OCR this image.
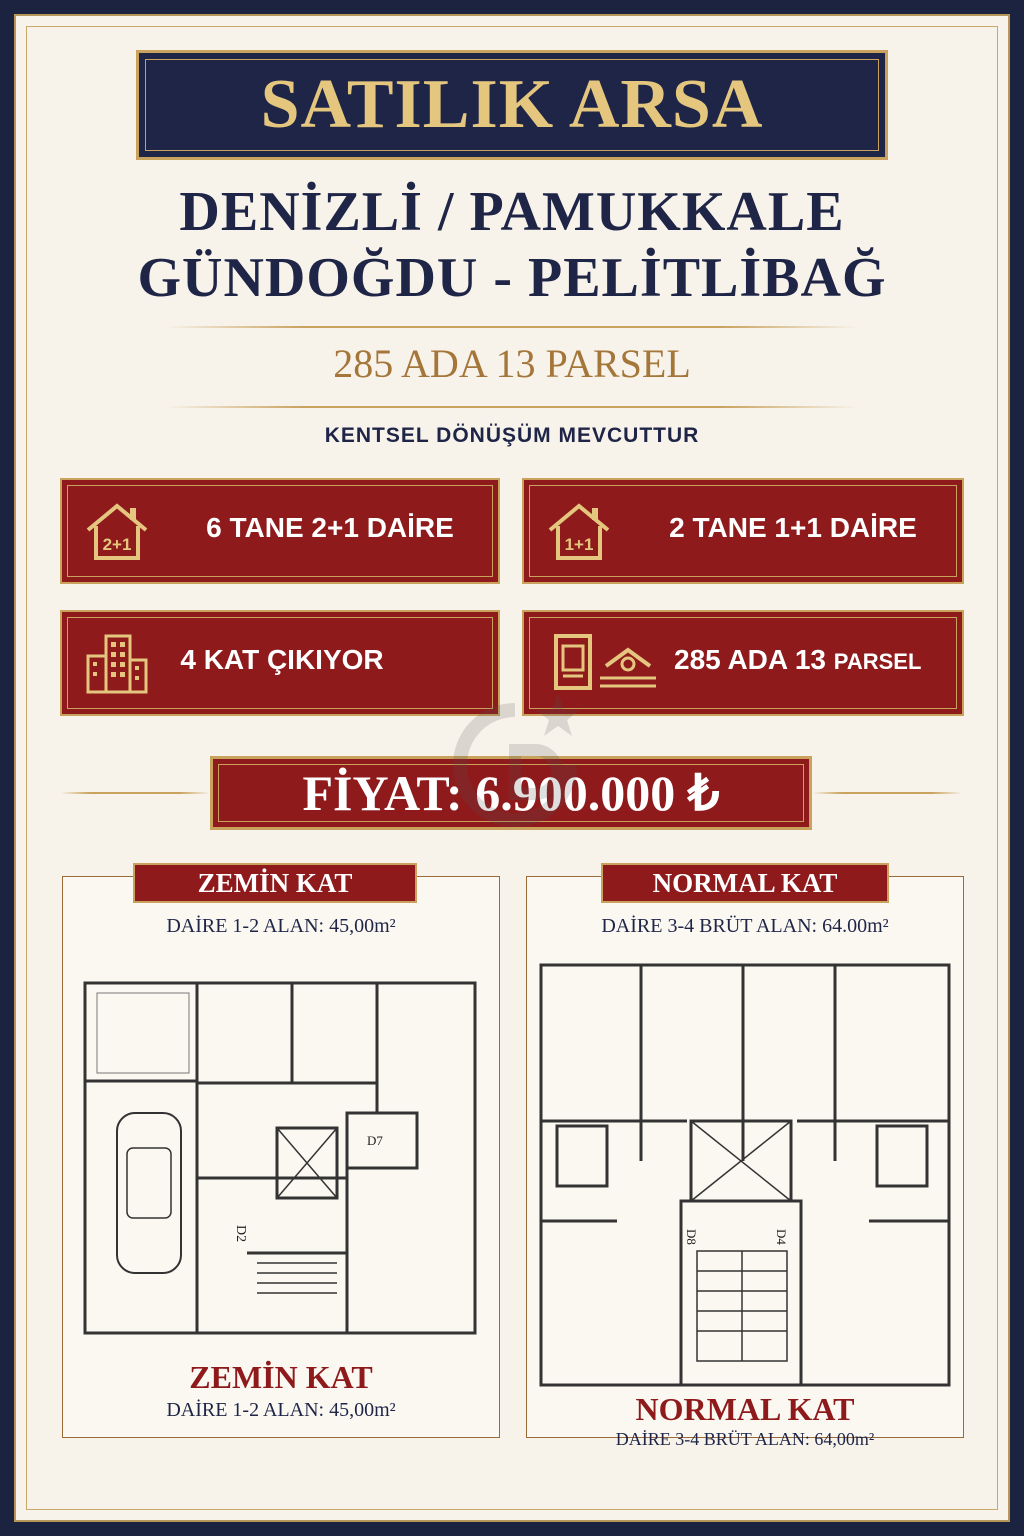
SATILIK ARSA
DENİZLİ / PAMUKKALE
GÜNDOĞDU - PELİTLİBAĞ
285 ADA 13 PARSEL
KENTSEL DÖNÜŞÜM MEVCUTTUR
2+1
6 TANE 2+1 DAİRE
1+1
2 TANE 1+1 DAİRE
4 KAT ÇIKIYOR	285 ADA 13 PARSEL
FİYAT: 6.900.000 ₺
ZEMİN KAT
DAİRE 1-2 ALAN: 45,00m²
D2
D7
ZEMİN KAT
DAİRE 1-2 ALAN: 45,00m²
NORMAL KAT
DAİRE 3-4 BRÜT ALAN: 64.00m²
D8	D4
NORMAL KAT
DAİRE 3-4 BRÜT ALAN: 64,00m²
